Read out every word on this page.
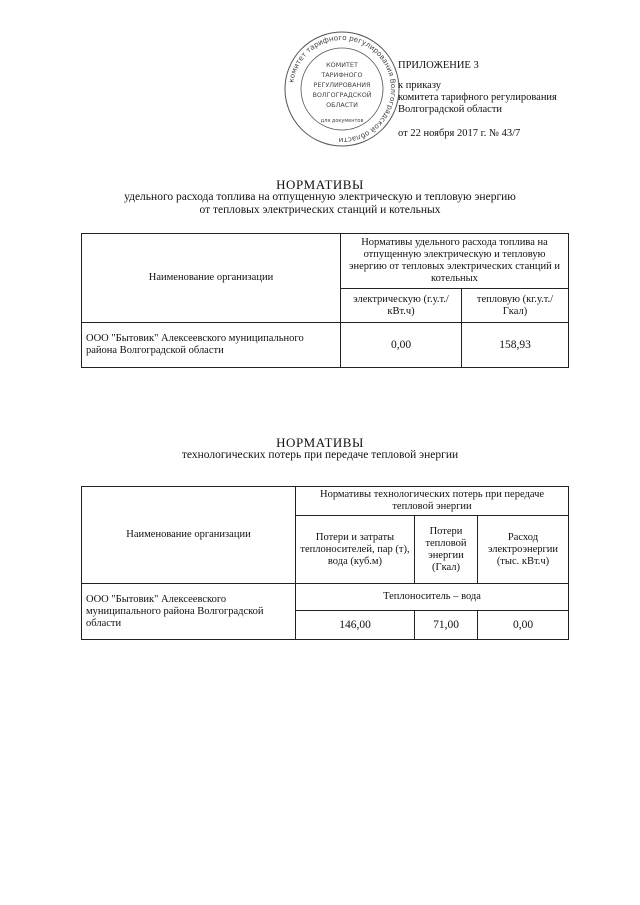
комитет тарифного регулирования Волгоградской области
КОМИТЕТ
ТАРИФНОГО
РЕГУЛИРОВАНИЯ
ВОЛГОГРАДСКОЙ
ОБЛАСТИ
для документов
ПРИЛОЖЕНИЕ 3
к приказу
комитета тарифного регулирования
Волгоградской области
от 22 ноября 2017 г. № 43/7
НОРМАТИВЫ
удельного расхода топлива на отпущенную электрическую и тепловую энергию
от тепловых электрических станций и котельных
Наименование организации	Нормативы удельного расхода топлива на отпущенную электрическую и тепловую энергию от тепловых электрических станций и котельных	
	электрическую (г.у.т./кВт.ч)	тепловую (кг.у.т./Гкал)
ООО "Бытовик" Алексеевского муниципального района Волгоградской области	0,00	158,93
НОРМАТИВЫ
технологических потерь при передаче тепловой энергии
Наименование организации	Нормативы технологических потерь при передаче тепловой энергии		
	Потери и затраты теплоносителей, пар (т), вода (куб.м)	Потери тепловой энергии (Гкал)	Расход электроэнергии (тыс. кВт.ч)
ООО "Бытовик" Алексеевского муниципального района Волгоградской области	Теплоноситель – вода		
	146,00	71,00	0,00
